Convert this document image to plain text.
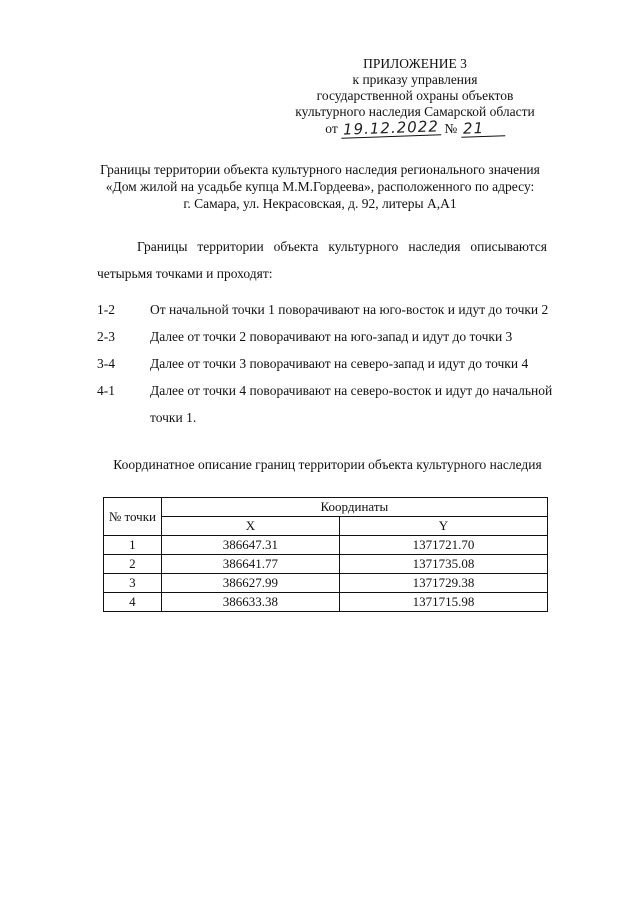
ПРИЛОЖЕНИЕ 3
к приказу управления
государственной охраны объектов
культурного наследия Самарской области
от 19.12.2022 № 21
Границы территории объекта культурного наследия регионального значения
«Дом жилой на усадьбе купца М.М.Гордеева», расположенного по адресу:
г. Самара, ул. Некрасовская, д. 92, литеры А,А1
Границы территории объекта культурного наследия описываются
четырьмя точками и проходят:
1-2	От начальной точки 1 поворачивают на юго-восток и идут до точки 2
2-3	Далее от точки 2 поворачивают на юго-запад и идут до точки 3
3-4	Далее от точки 3 поворачивают на северо-запад и идут до точки 4
4-1	Далее от точки 4 поворачивают на северо-восток и идут до начальной точки 1.
Координатное описание границ территории объекта культурного наследия
№ точки	Координаты	
	X	Y
1	386647.31	1371721.70
2	386641.77	1371735.08
3	386627.99	1371729.38
4	386633.38	1371715.98
